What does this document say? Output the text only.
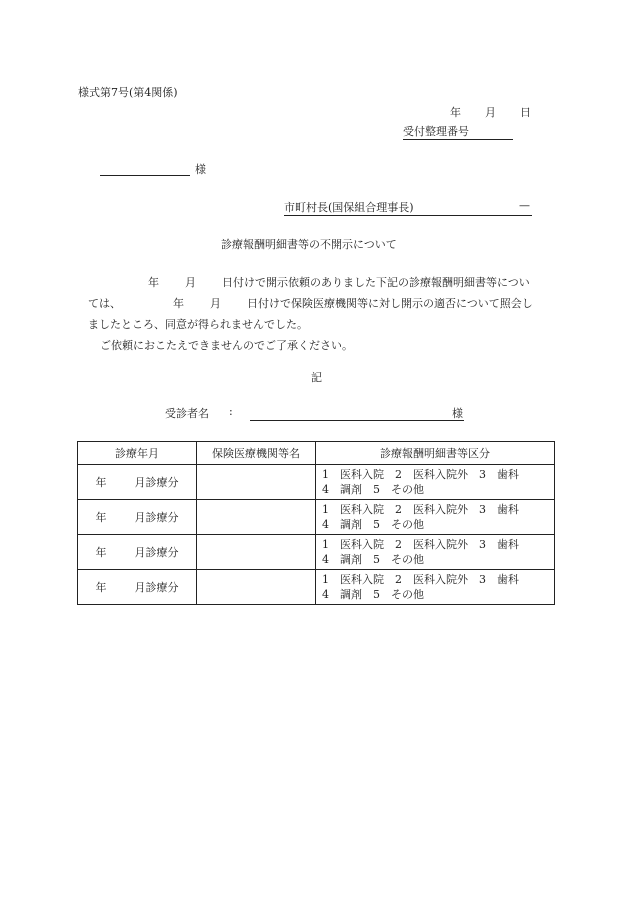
様式第7号(第4関係)
年 月 日
受付整理番号
様
市町村長(国保組合理事長)	—
診療報酬明細書等の不開示について

年 月 日付けで開示依頼のありました下記の診療報酬明細書等につい

ては、	年 月 日付けで保険医療機関等に対し開示の適否について照会し

ましたところ、同意が得られませんでした。

ご依頼におこたえできませんのでご了承ください。

記
受診者名 :	様
診療年月	保険医療機関等名	診療報酬明細書等区分
年 月診療分		1　医科入院　2　医科入院外　3　歯科
4　調剤　5　その他

年 月診療分		1　医科入院　2　医科入院外　3　歯科
4　調剤　5　その他

年 月診療分		1　医科入院　2　医科入院外　3　歯科
4　調剤　5　その他

年 月診療分		1　医科入院　2　医科入院外　3　歯科
4　調剤　5　その他
